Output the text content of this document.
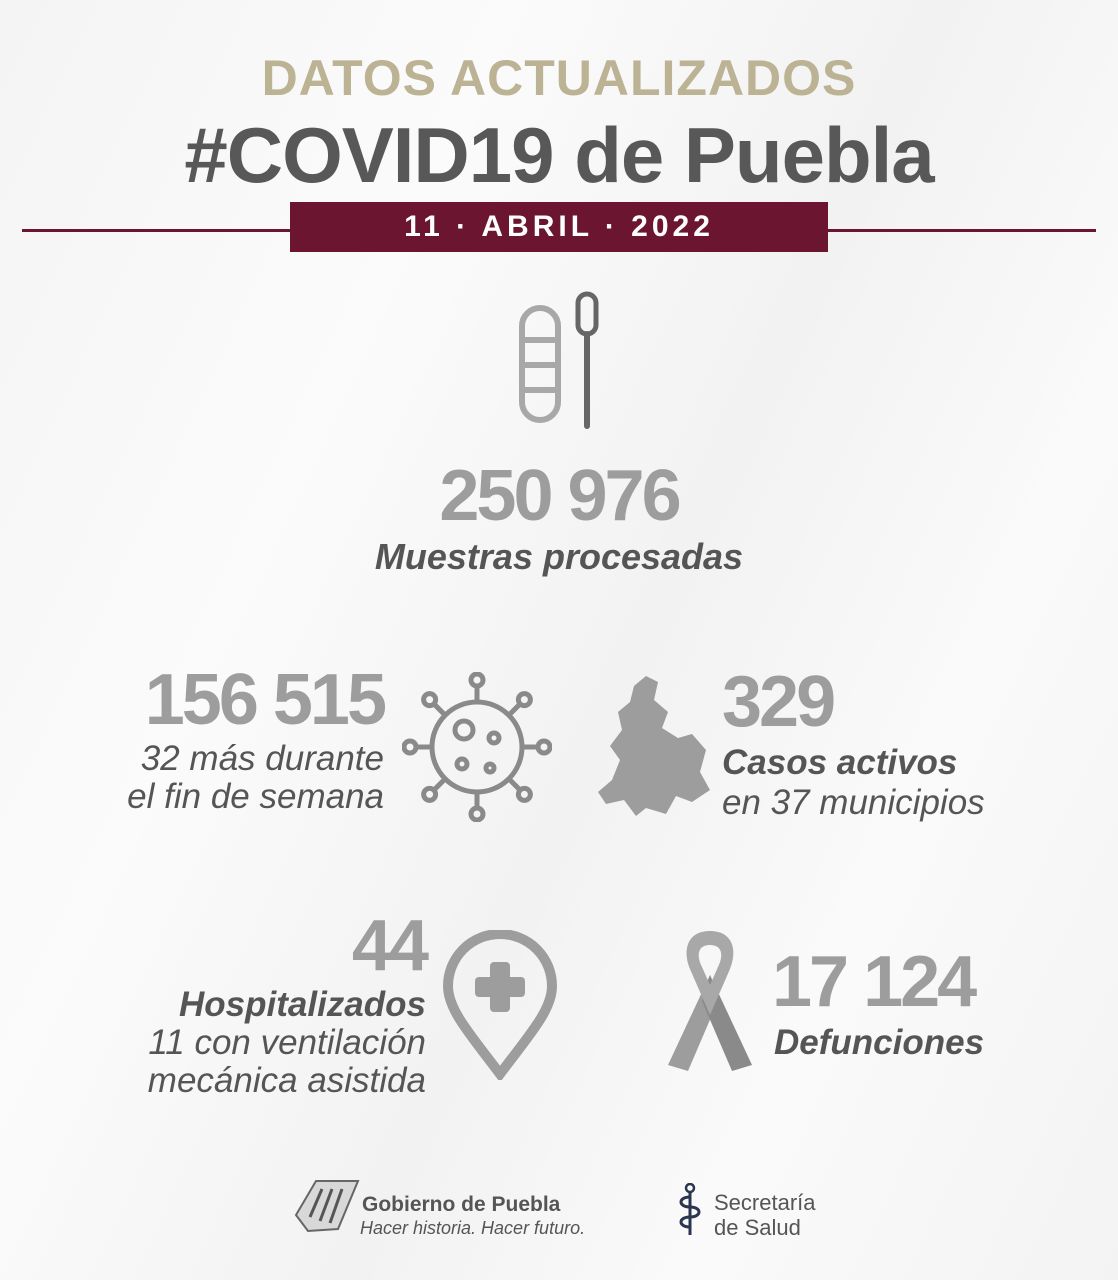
DATOS ACTUALIZADOS
#COVID19 de Puebla
11 · ABRIL · 2022
250 976
Muestras procesadas
156 515
32 más durante
el fin de semana
329
Casos activos
en 37 municipios
44
Hospitalizados
11 con ventilación
mecánica asistida
17 124
Defunciones
Gobierno de Puebla
Hacer historia. Hacer futuro.
Secretaría
de Salud
